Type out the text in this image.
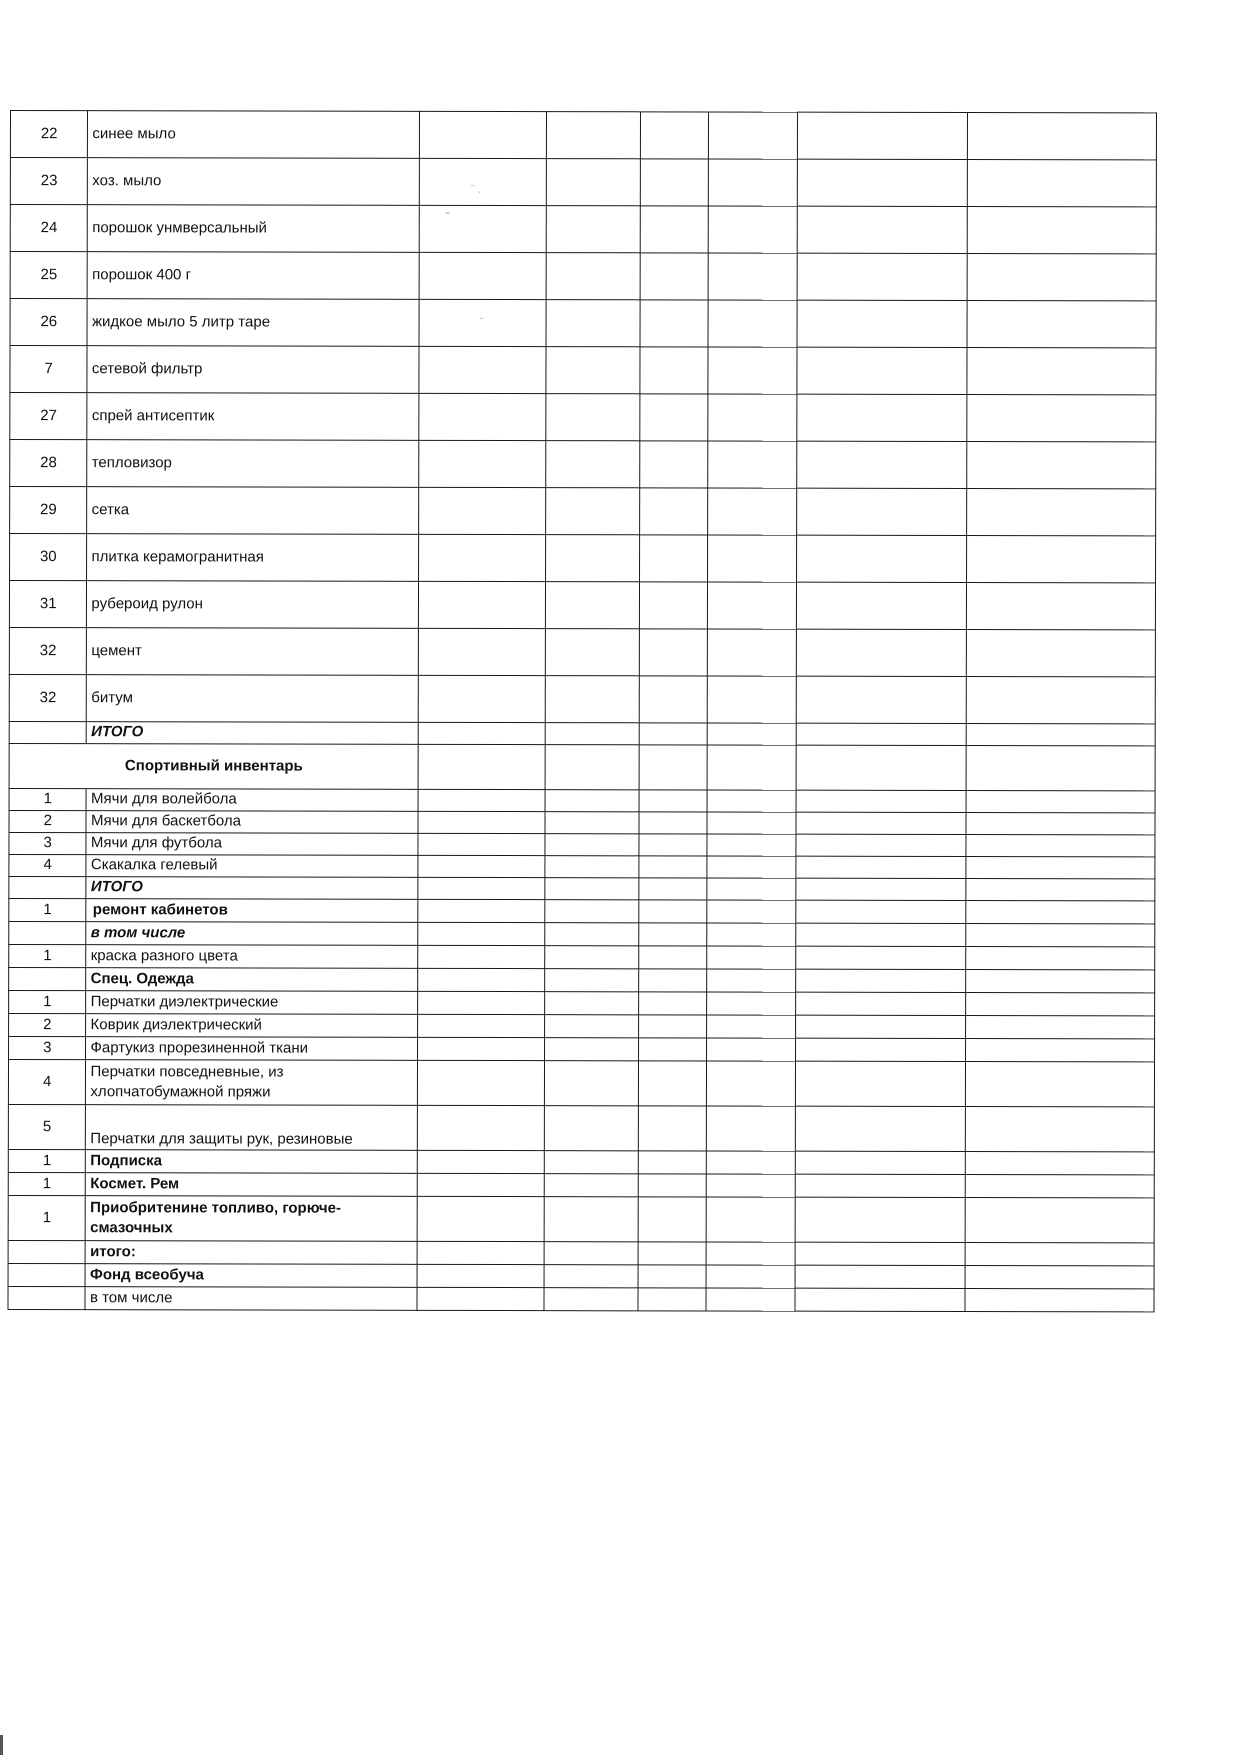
22	синее мыло						
23	хоз. мыло						
24	порошок унмверсальный						
25	порошок 400 г						
26	жидкое мыло 5 литр таре						
7	сетевой фильтр						
27	спрей антисептик						
28	тепловизор						
29	сетка						
30	плитка керамогранитная						
31	рубероид рулон						
32	цемент						
32	битум						
	ИТОГО						
Спортивный инвентарь							
1	Мячи для волейбола						
2	Мячи для баскетбола						
3	Мячи для футбола						
4	Скакалка гелевый						
	ИТОГО						
1	ремонт кабинетов						
	в том числе						
1	краска разного цвета						
	Спец. Одежда						
1	Перчатки диэлектрические						
2	Коврик диэлектрический						
3	Фартукиз прорезиненной ткани						
4	Перчатки повседневные, из хлопчатобумажной пряжи						
5	Перчатки для защиты рук, резиновые						
1	Подписка						
1	Космет. Рем						
1	Приобритенине топливо, горюче-смазочных						
	итого:						
	Фонд всеобуча						
	в том числе						
⁻ ˎ
⁼
˗
